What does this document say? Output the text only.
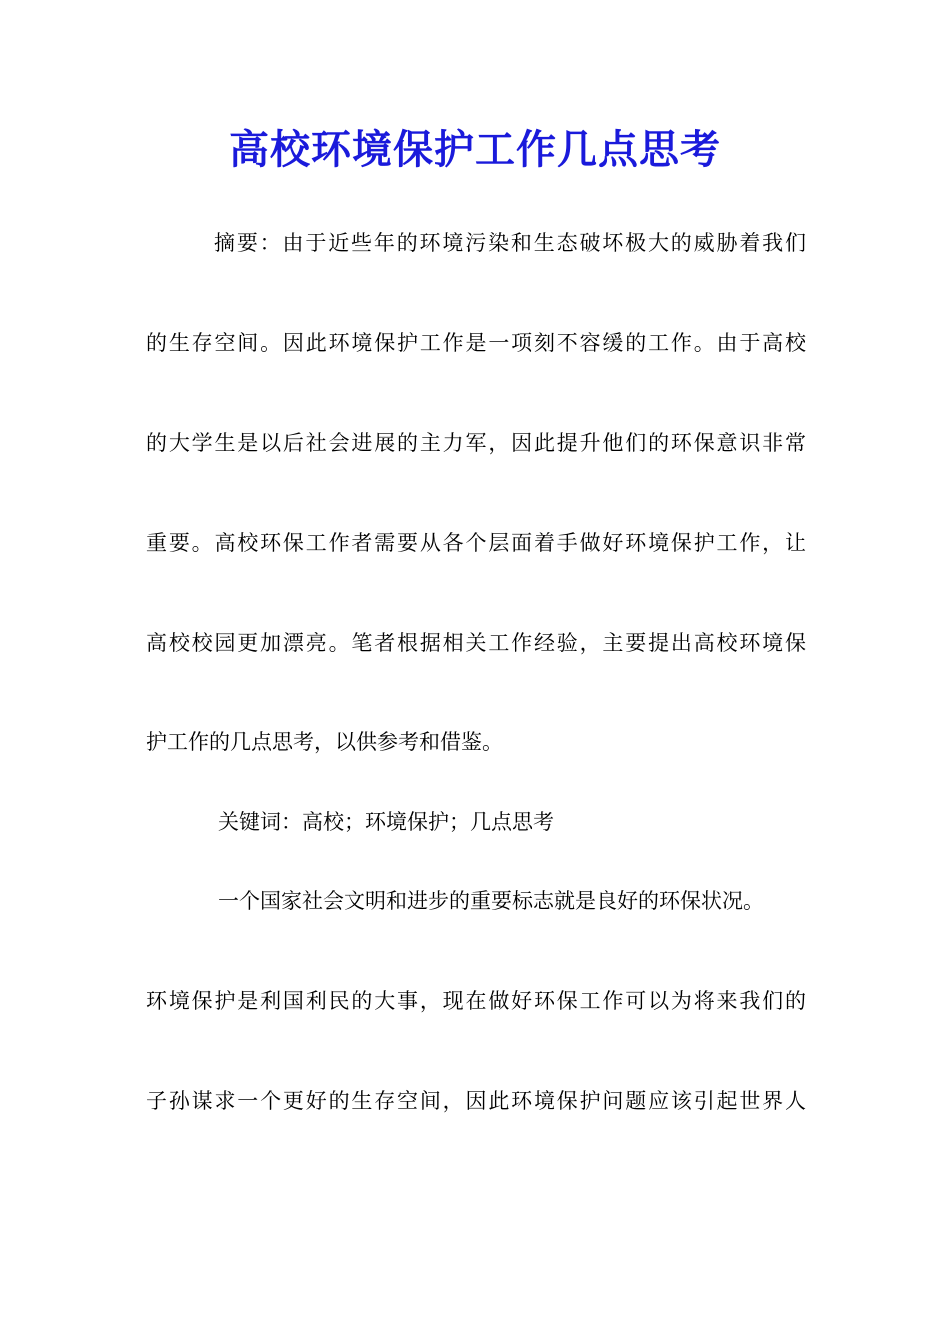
高校环境保护工作几点思考
摘要：由于近些年的环境污染和生态破坏极大的威胁着我们
的生存空间。因此环境保护工作是一项刻不容缓的工作。由于高校
的大学生是以后社会进展的主力军，因此提升他们的环保意识非常
重要。高校环保工作者需要从各个层面着手做好环境保护工作，让
高校校园更加漂亮。笔者根据相关工作经验，主要提出高校环境保
护工作的几点思考，以供参考和借鉴。
关键词：高校；环境保护；几点思考
一个国家社会文明和进步的重要标志就是良好的环保状况。
环境保护是利国利民的大事，现在做好环保工作可以为将来我们的
子孙谋求一个更好的生存空间，因此环境保护问题应该引起世界人
